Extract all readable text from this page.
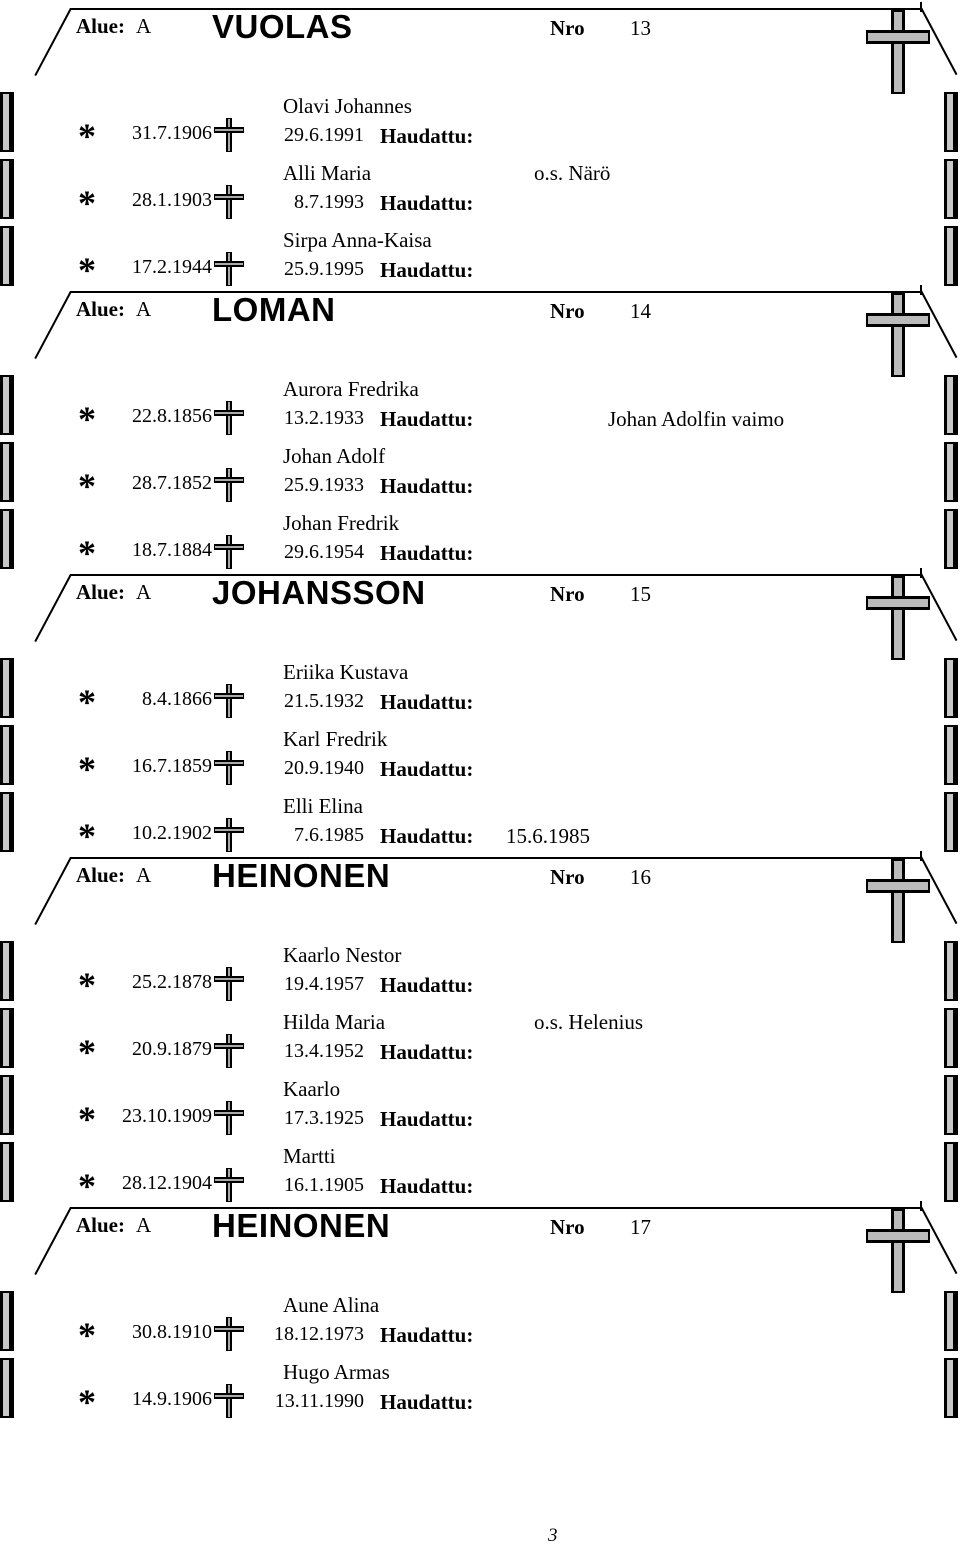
Alue: A VUOLAS	Nro 13
*	31.7.1906
Olavi Johannes
29.6.1991 Haudattu:
*	28.1.1903
Alli Maria
8.7.1993 Haudattu:
o.s. Närö
*	17.2.1944
Sirpa Anna-Kaisa
25.9.1995 Haudattu:
Alue: A LOMAN	Nro 14
*	22.8.1856
Aurora Fredrika
13.2.1933 Haudattu:	Johan Adolfin vaimo
*	28.7.1852
Johan Adolf
25.9.1933 Haudattu:
*	18.7.1884
Johan Fredrik
29.6.1954 Haudattu:
Alue: A JOHANSSON	Nro 15
*	8.4.1866
Eriika Kustava
21.5.1932 Haudattu:
*	16.7.1859
Karl Fredrik
20.9.1940 Haudattu:
*	10.2.1902
Elli Elina
7.6.1985 Haudattu: 15.6.1985
Alue: A HEINONEN	Nro 16
*	25.2.1878
Kaarlo Nestor
19.4.1957 Haudattu:
*	20.9.1879
Hilda Maria
13.4.1952 Haudattu:
o.s. Helenius
*	23.10.1909
Kaarlo
17.3.1925 Haudattu:
*	28.12.1904
Martti
16.1.1905 Haudattu:
Alue: A HEINONEN	Nro 17
*	30.8.1910
Aune Alina
18.12.1973 Haudattu:
*	14.9.1906
Hugo Armas
13.11.1990 Haudattu:
3
